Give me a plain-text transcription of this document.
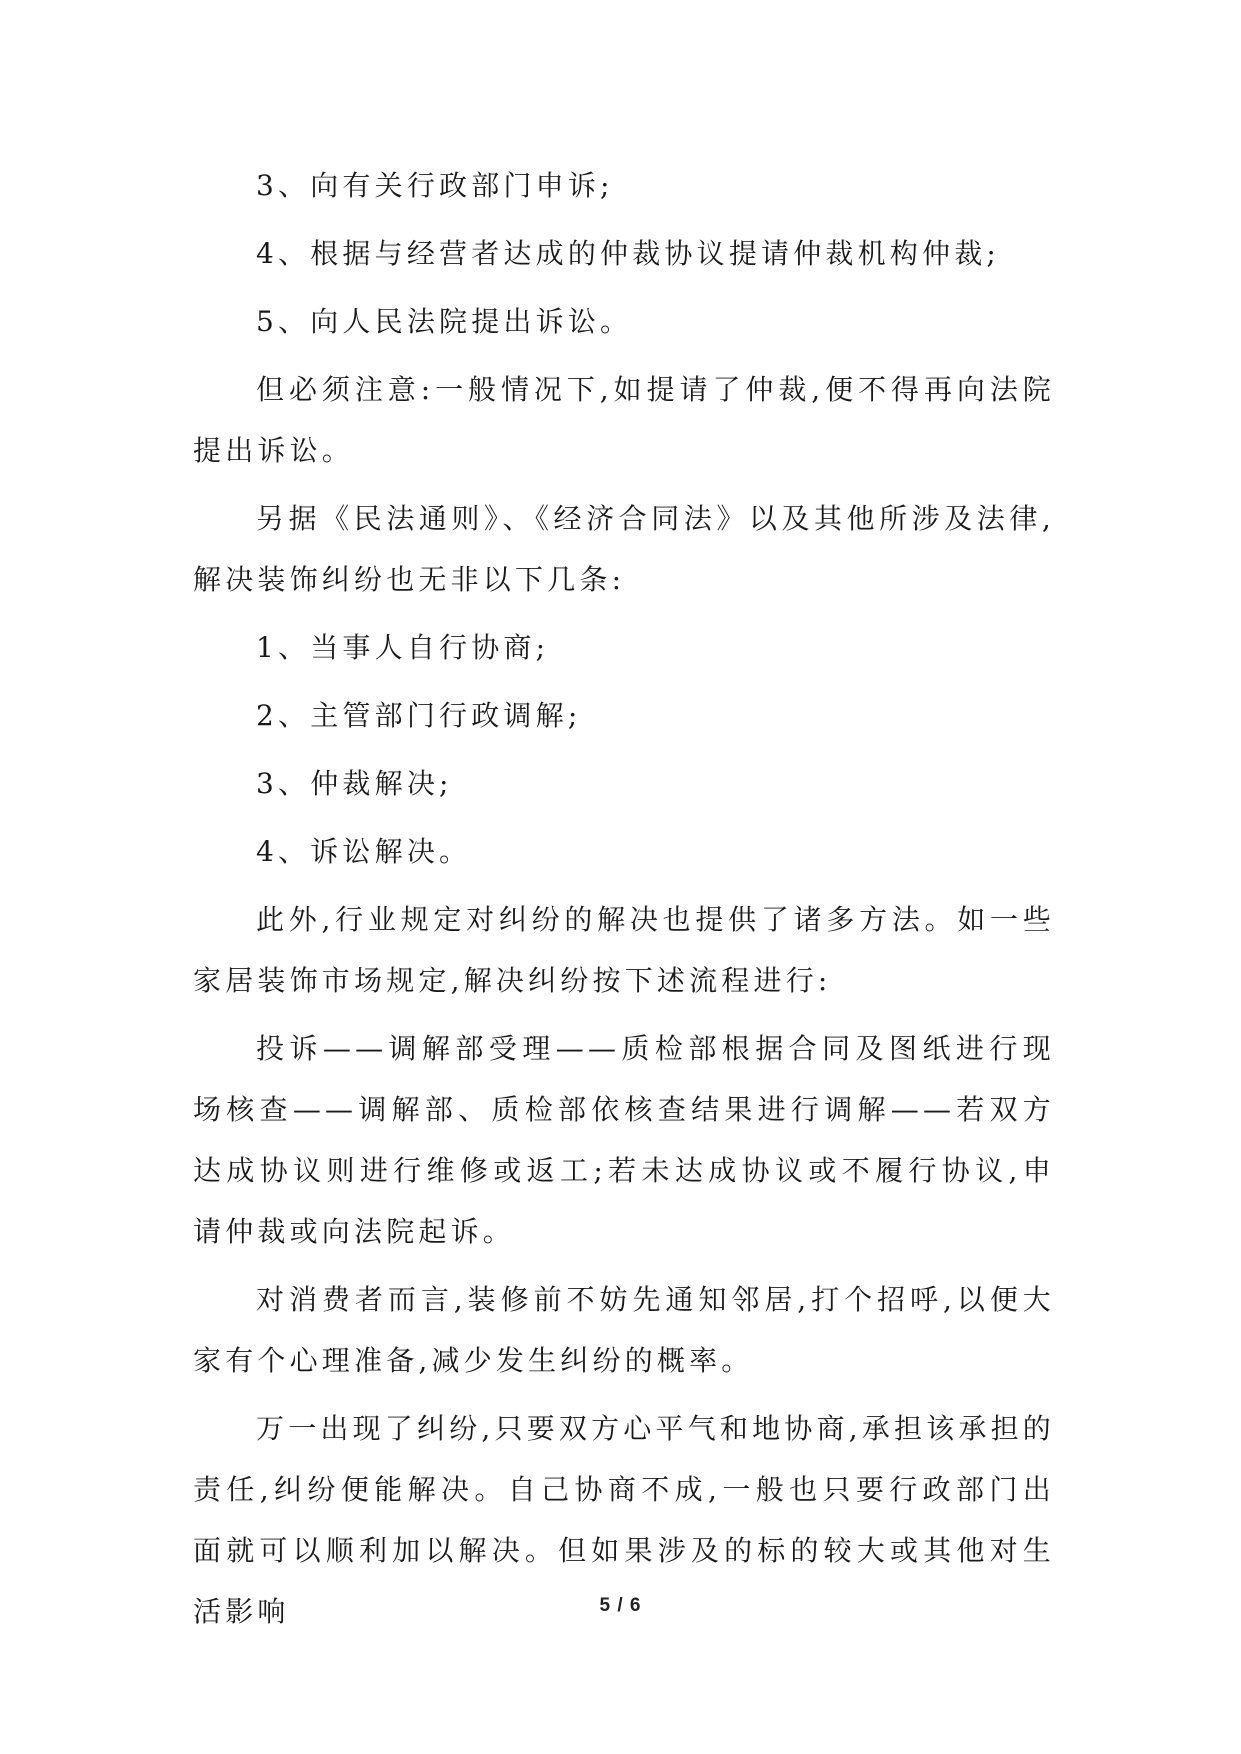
3、向有关行政部门申诉;

4、根据与经营者达成的仲裁协议提请仲裁机构仲裁;

5、向人民法院提出诉讼。

但必须注意:一般情况下,如提请了仲裁,便不得再向法院提出诉讼。

另据《民法通则》、《经济合同法》以及其他所涉及法律,解决装饰纠纷也无非以下几条:

1、当事人自行协商;

2、主管部门行政调解;

3、仲裁解决;

4、诉讼解决。

此外,行业规定对纠纷的解决也提供了诸多方法。如一些家居装饰市场规定,解决纠纷按下述流程进行:

投诉——调解部受理——质检部根据合同及图纸进行现场核查——调解部、质检部依核查结果进行调解——若双方达成协议则进行维修或返工;若未达成协议或不履行协议,申请仲裁或向法院起诉。

对消费者而言,装修前不妨先通知邻居,打个招呼,以便大家有个心理准备,减少发生纠纷的概率。

万一出现了纠纷,只要双方心平气和地协商,承担该承担的责任,纠纷便能解决。自己协商不成,一般也只要行政部门出面就可以顺利加以解决。但如果涉及的标的较大或其他对生活影响	5 / 6
